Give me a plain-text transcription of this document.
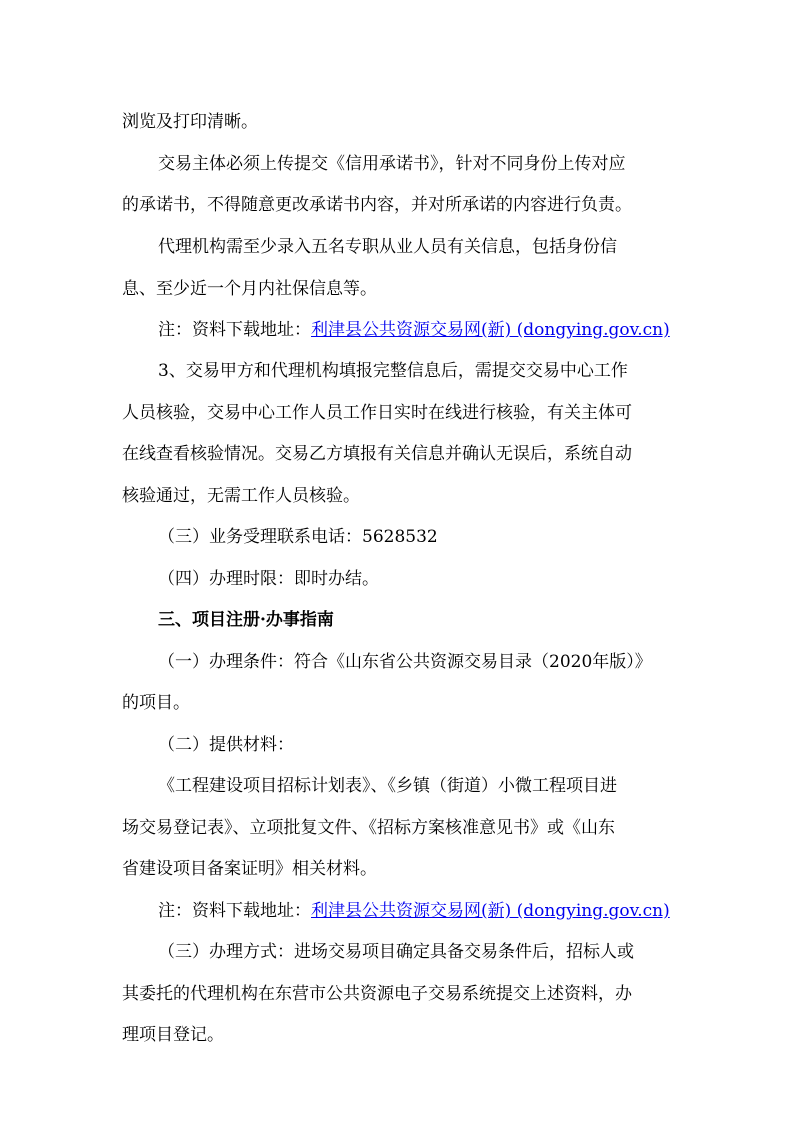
浏览及打印清晰。
交易主体必须上传提交《信用承诺书》，针对不同身份上传对应
的承诺书，不得随意更改承诺书内容，并对所承诺的内容进行负责。
代理机构需至少录入五名专职从业人员有关信息，包括身份信
息、至少近一个月内社保信息等。
注：资料下载地址：利津县公共资源交易网(新) (dongying.gov.cn)
3、交易甲方和代理机构填报完整信息后，需提交交易中心工作
人员核验，交易中心工作人员工作日实时在线进行核验，有关主体可
在线查看核验情况。交易乙方填报有关信息并确认无误后，系统自动
核验通过，无需工作人员核验。
（三）业务受理联系电话：5628532
（四）办理时限：即时办结。
三、项目注册·办事指南
（一）办理条件：符合《山东省公共资源交易目录（2020年版）》
的项目。
（二）提供材料：
《工程建设项目招标计划表》、《乡镇（街道）小微工程项目进
场交易登记表》、立项批复文件、《招标方案核准意见书》或《山东
省建设项目备案证明》相关材料。
注：资料下载地址：利津县公共资源交易网(新) (dongying.gov.cn)
（三）办理方式：进场交易项目确定具备交易条件后，招标人或
其委托的代理机构在东营市公共资源电子交易系统提交上述资料，办
理项目登记。
